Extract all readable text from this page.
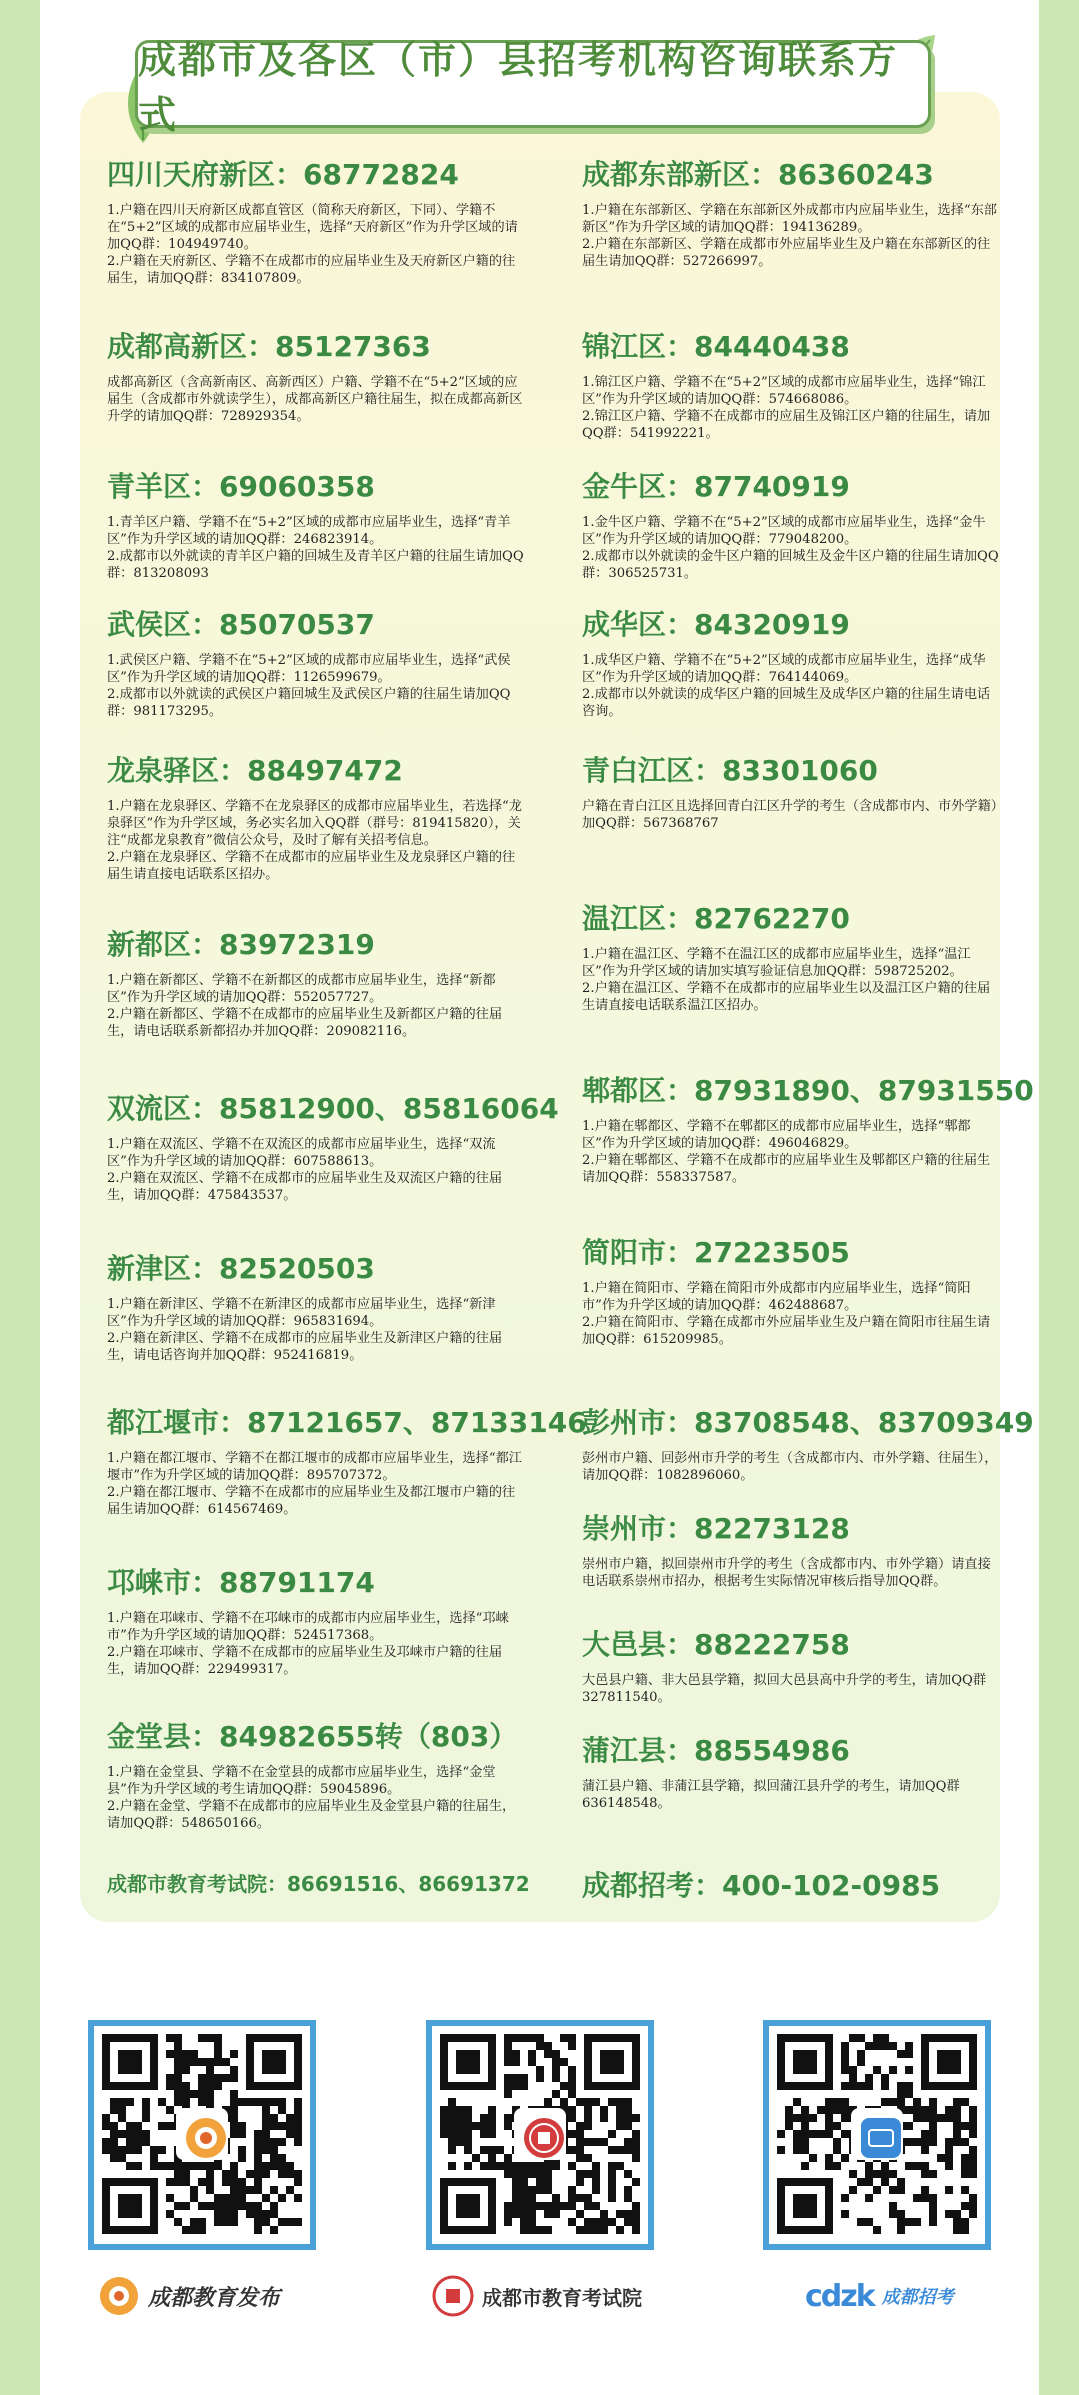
成都市及各区（市）县招考机构咨询联系方式
四川天府新区：68772824

1.户籍在四川天府新区成都直管区（简称天府新区，下同）、学籍不在“5+2”区域的成都市应届毕业生，选择“天府新区”作为升学区域的请加QQ群：104949740。

2.户籍在天府新区、学籍不在成都市的应届毕业生及天府新区户籍的往届生，请加QQ群：834107809。

成都高新区：85127363

成都高新区（含高新南区、高新西区）户籍、学籍不在“5+2”区域的应届生（含成都市外就读学生），成都高新区户籍往届生，拟在成都高新区升学的请加QQ群：728929354。

青羊区：69060358

1.青羊区户籍、学籍不在“5+2”区域的成都市应届毕业生，选择“青羊区”作为升学区域的请加QQ群：246823914。

2.成都市以外就读的青羊区户籍的回城生及青羊区户籍的往届生请加QQ群：813208093

武侯区：85070537

1.武侯区户籍、学籍不在“5+2”区域的成都市应届毕业生，选择“武侯区”作为升学区域的请加QQ群：1126599679。

2.成都市以外就读的武侯区户籍回城生及武侯区户籍的往届生请加QQ群：981173295。

龙泉驿区：88497472

1.户籍在龙泉驿区、学籍不在龙泉驿区的成都市应届毕业生，若选择“龙泉驿区”作为升学区域，务必实名加入QQ群（群号：819415820），关注“成都龙泉教育”微信公众号，及时了解有关招考信息。

2.户籍在龙泉驿区、学籍不在成都市的应届毕业生及龙泉驿区户籍的往届生请直接电话联系区招办。

新都区：83972319

1.户籍在新都区、学籍不在新都区的成都市应届毕业生，选择“新都区”作为升学区域的请加QQ群：552057727。

2.户籍在新都区、学籍不在成都市的应届毕业生及新都区户籍的往届生，请电话联系新都招办并加QQ群：209082116。

双流区：85812900、85816064

1.户籍在双流区、学籍不在双流区的成都市应届毕业生，选择“双流区”作为升学区域的请加QQ群：607588613。

2.户籍在双流区、学籍不在成都市的应届毕业生及双流区户籍的往届生，请加QQ群：475843537。

新津区：82520503

1.户籍在新津区、学籍不在新津区的成都市应届毕业生，选择“新津区”作为升学区域的请加QQ群：965831694。

2.户籍在新津区、学籍不在成都市的应届毕业生及新津区户籍的往届生，请电话咨询并加QQ群：952416819。

都江堰市：87121657、87133146

1.户籍在都江堰市、学籍不在都江堰市的成都市应届毕业生，选择“都江堰市”作为升学区域的请加QQ群：895707372。

2.户籍在都江堰市、学籍不在成都市的应届毕业生及都江堰市户籍的往届生请加QQ群：614567469。

邛崃市：88791174

1.户籍在邛崃市、学籍不在邛崃市的成都市内应届毕业生，选择“邛崃市”作为升学区域的请加QQ群：524517368。

2.户籍在邛崃市、学籍不在成都市的应届毕业生及邛崃市户籍的往届生，请加QQ群：229499317。

金堂县：84982655转（803）

1.户籍在金堂县、学籍不在金堂县的成都市应届毕业生，选择“金堂县”作为升学区域的考生请加QQ群：59045896。

2.户籍在金堂、学籍不在成都市的应届毕业生及金堂县户籍的往届生，请加QQ群：548650166。

成都东部新区：86360243

1.户籍在东部新区、学籍在东部新区外成都市内应届毕业生，选择“东部新区”作为升学区域的请加QQ群：194136289。

2.户籍在东部新区、学籍在成都市外应届毕业生及户籍在东部新区的往届生请加QQ群：527266997。

锦江区：84440438

1.锦江区户籍、学籍不在“5+2”区域的成都市应届毕业生，选择“锦江区”作为升学区域的请加QQ群：574668086。

2.锦江区户籍、学籍不在成都市的应届生及锦江区户籍的往届生，请加QQ群：541992221。

金牛区：87740919

1.金牛区户籍、学籍不在“5+2”区域的成都市应届毕业生，选择“金牛区”作为升学区域的请加QQ群：779048200。

2.成都市以外就读的金牛区户籍的回城生及金牛区户籍的往届生请加QQ群：306525731。

成华区：84320919

1.成华区户籍、学籍不在“5+2”区域的成都市应届毕业生，选择“成华区”作为升学区域的请加QQ群：764144069。

2.成都市以外就读的成华区户籍的回城生及成华区户籍的往届生请电话咨询。

青白江区：83301060

户籍在青白江区且选择回青白江区升学的考生（含成都市内、市外学籍）加QQ群：567368767

温江区：82762270

1.户籍在温江区、学籍不在温江区的成都市应届毕业生，选择“温江区”作为升学区域的请加实填写验证信息加QQ群：598725202。

2.户籍在温江区、学籍不在成都市的应届毕业生以及温江区户籍的往届生请直接电话联系温江区招办。

郫都区：87931890、87931550

1.户籍在郫都区、学籍不在郫都区的成都市应届毕业生，选择“郫都区”作为升学区域的请加QQ群：496046829。

2.户籍在郫都区、学籍不在成都市的应届毕业生及郫都区户籍的往届生请加QQ群：558337587。

简阳市：27223505

1.户籍在简阳市、学籍在简阳市外成都市内应届毕业生，选择“简阳市”作为升学区域的请加QQ群：462488687。

2.户籍在简阳市、学籍在成都市外应届毕业生及户籍在简阳市往届生请加QQ群：615209985。

彭州市：83708548、83709349

彭州市户籍、回彭州市升学的考生（含成都市内、市外学籍、往届生），请加QQ群：1082896060。

崇州市：82273128

崇州市户籍，拟回崇州市升学的考生（含成都市内、市外学籍）请直接电话联系崇州市招办，根据考生实际情况审核后指导加QQ群。

大邑县：88222758

大邑县户籍、非大邑县学籍，拟回大邑县高中升学的考生，请加QQ群327811540。

蒲江县：88554986

蒲江县户籍、非蒲江县学籍，拟回蒲江县升学的考生，请加QQ群636148548。

成都市教育考试院：86691516、86691372 成都招考：400-102-0985
成都教育发布	成都市教育考试院	cdzk 成都招考
